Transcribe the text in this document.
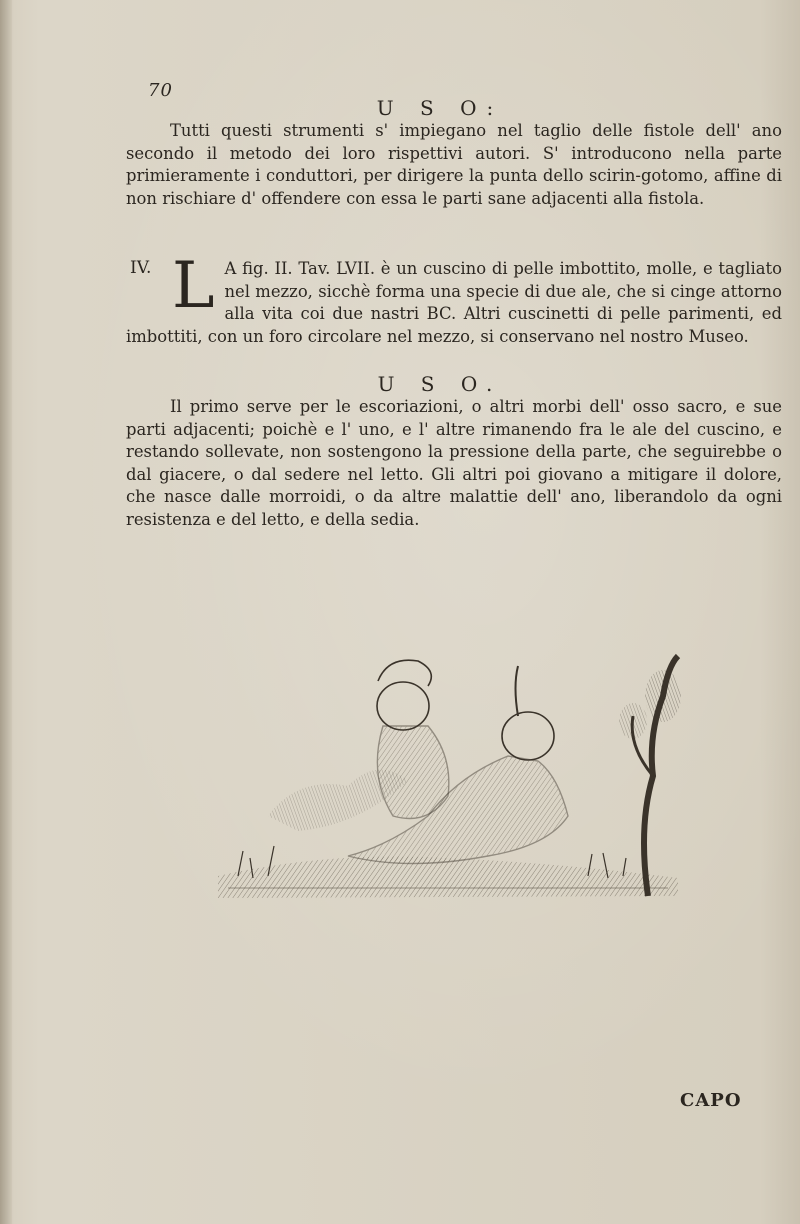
70
U S O:

Tutti questi strumenti s' impiegano nel taglio delle fistole dell' ano secondo il metodo dei loro rispettivi autori. S' introducono nella parte primieramente i conduttori, per dirigere la punta dello scirin-gotomo, affine di non rischiare d' offendere con essa le parti sane adjacenti alla fistola.

IV. L A fig. II. Tav. LVII. è un cuscino di pelle imbottito, molle, e tagliato nel mezzo, sicchè forma una specie di due ale, che si cinge attorno alla vita coi due nastri BC. Altri cuscinetti di pelle parimenti, ed imbottiti, con un foro circolare nel mezzo, si conservano nel nostro Museo.

U S O.

Il primo serve per le escoriazioni, o altri morbi dell' osso sacro, e sue parti adjacenti; poichè e l' uno, e l' altre rimanendo fra le ale del cuscino, e restando sollevate, non sostengono la pressione della parte, che seguirebbe o dal giacere, o dal sedere nel letto. Gli altri poi giovano a mitigare il dolore, che nasce dalle morroidi, o da altre malattie dell' ano, liberandolo da ogni resistenza e del letto, e della sedia.

CAPO
